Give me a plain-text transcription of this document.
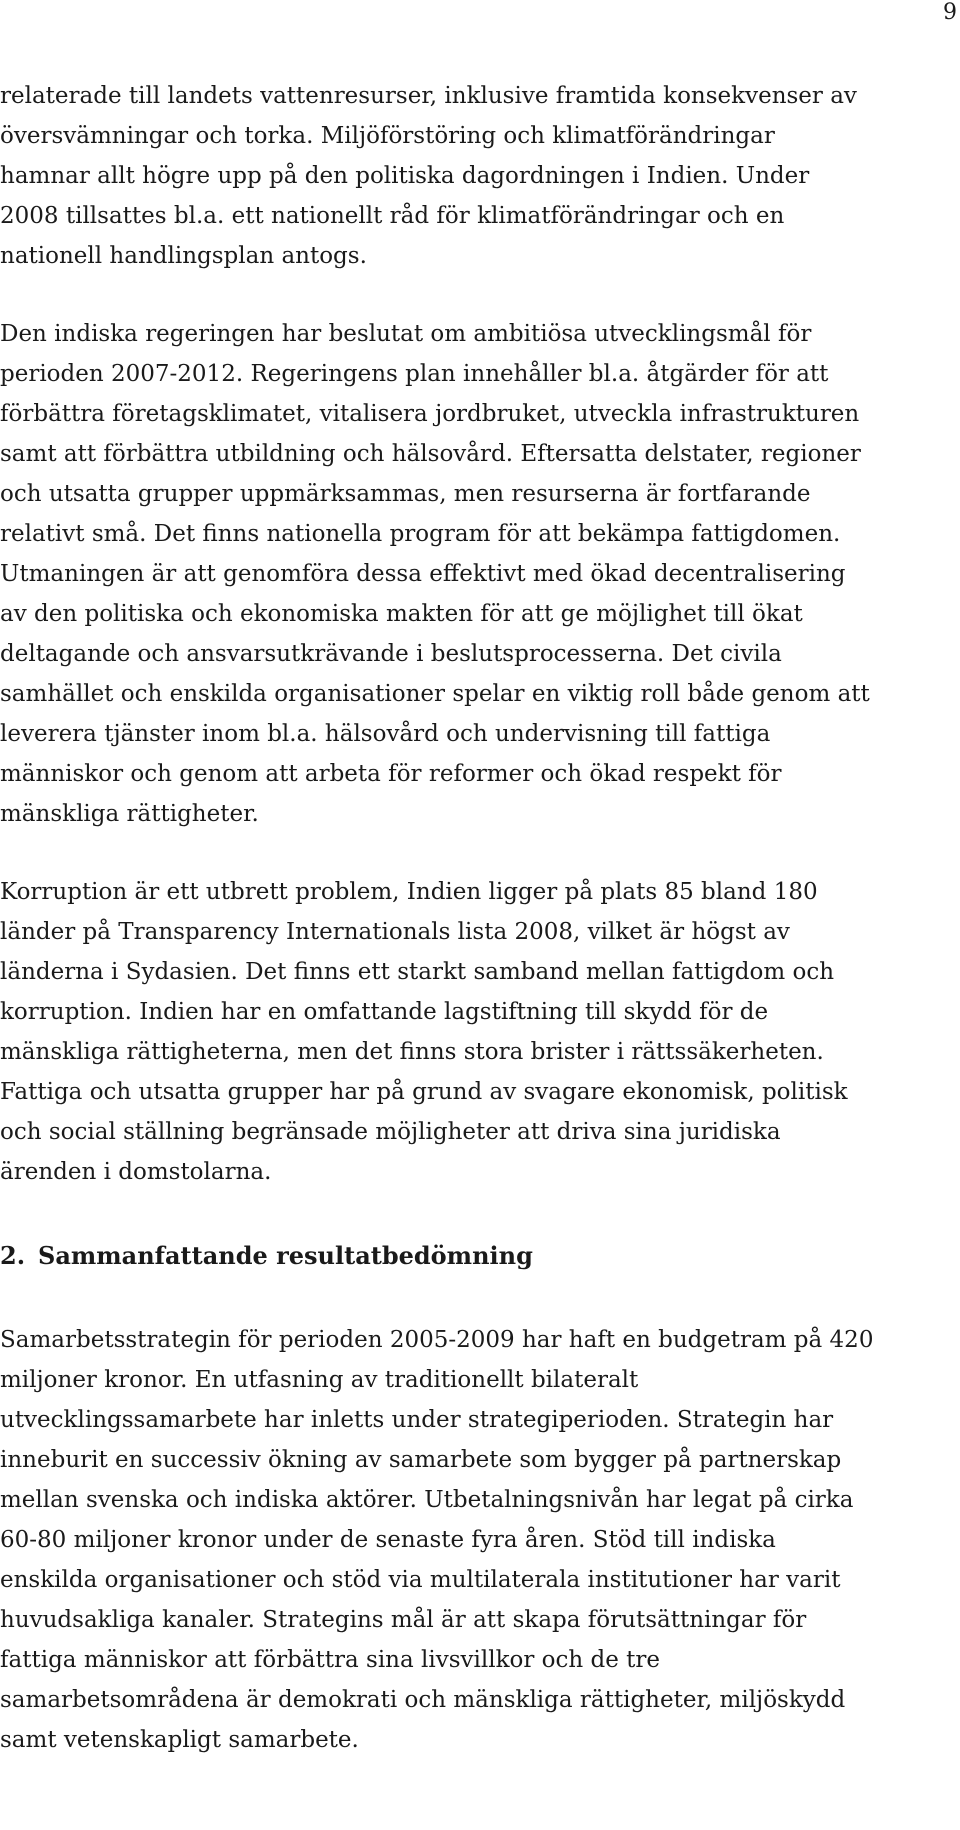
9

relaterade till landets vattenresurser, inklusive framtida konsekvenser av
översvämningar och torka. Miljöförstöring och klimatförändringar
hamnar allt högre upp på den politiska dagordningen i Indien. Under
2008 tillsattes bl.a. ett nationellt råd för klimatförändringar och en
nationell handlingsplan antogs.

Den indiska regeringen har beslutat om ambitiösa utvecklingsmål för
perioden 2007-2012. Regeringens plan innehåller bl.a. åtgärder för att
förbättra företagsklimatet, vitalisera jordbruket, utveckla infrastrukturen
samt att förbättra utbildning och hälsovård. Eftersatta delstater, regioner
och utsatta grupper uppmärksammas, men resurserna är fortfarande
relativt små. Det finns nationella program för att bekämpa fattigdomen.
Utmaningen är att genomföra dessa effektivt med ökad decentralisering
av den politiska och ekonomiska makten för att ge möjlighet till ökat
deltagande och ansvarsutkrävande i beslutsprocesserna. Det civila
samhället och enskilda organisationer spelar en viktig roll både genom att
leverera tjänster inom bl.a. hälsovård och undervisning till fattiga
människor och genom att arbeta för reformer och ökad respekt för
mänskliga rättigheter.

Korruption är ett utbrett problem, Indien ligger på plats 85 bland 180
länder på Transparency Internationals lista 2008, vilket är högst av
länderna i Sydasien. Det finns ett starkt samband mellan fattigdom och
korruption. Indien har en omfattande lagstiftning till skydd för de
mänskliga rättigheterna, men det finns stora brister i rättssäkerheten.
Fattiga och utsatta grupper har på grund av svagare ekonomisk, politisk
och social ställning begränsade möjligheter att driva sina juridiska
ärenden i domstolarna.

2. Sammanfattande resultatbedömning

Samarbetsstrategin för perioden 2005-2009 har haft en budgetram på 420
miljoner kronor. En utfasning av traditionellt bilateralt
utvecklingssamarbete har inletts under strategiperioden. Strategin har
inneburit en successiv ökning av samarbete som bygger på partnerskap
mellan svenska och indiska aktörer. Utbetalningsnivån har legat på cirka
60-80 miljoner kronor under de senaste fyra åren. Stöd till indiska
enskilda organisationer och stöd via multilaterala institutioner har varit
huvudsakliga kanaler. Strategins mål är att skapa förutsättningar för
fattiga människor att förbättra sina livsvillkor och de tre
samarbetsområdena är demokrati och mänskliga rättigheter, miljöskydd
samt vetenskapligt samarbete.
